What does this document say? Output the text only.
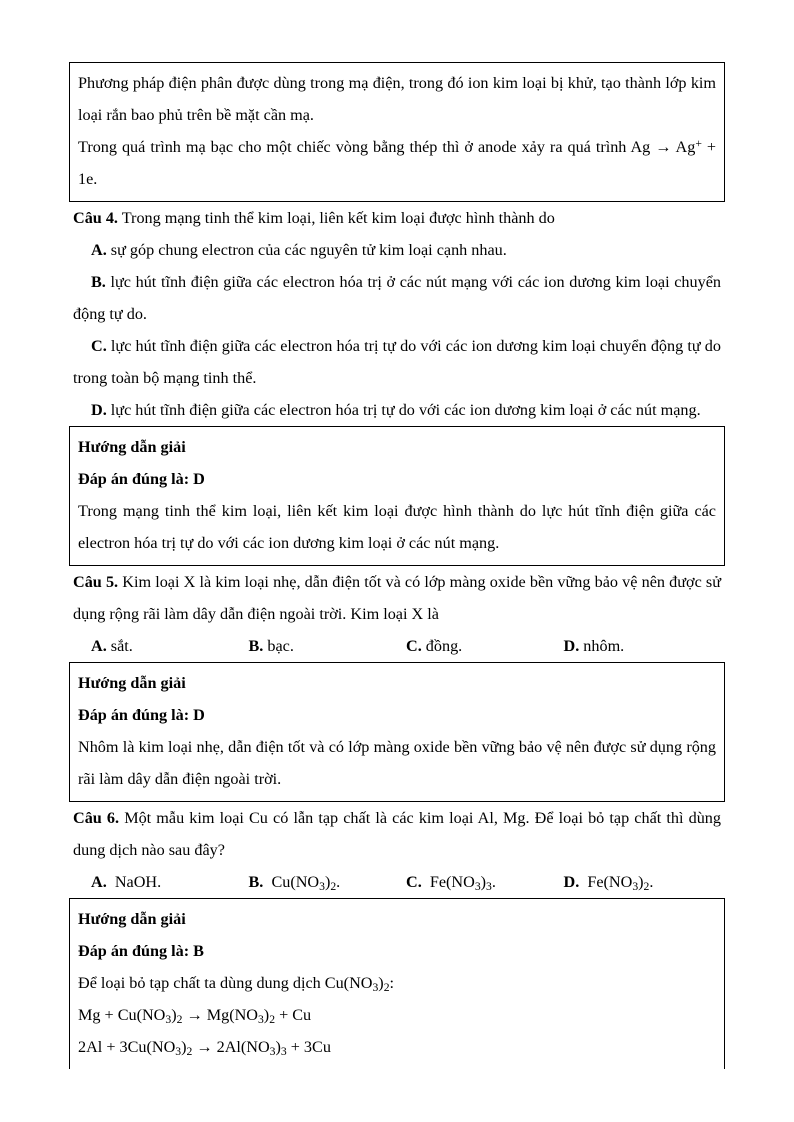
Phương pháp điện phân được dùng trong mạ điện, trong đó ion kim loại bị khử, tạo thành lớp kim loại rắn bao phủ trên bề mặt cần mạ.

Trong quá trình mạ bạc cho một chiếc vòng bằng thép thì ở anode xảy ra quá trình Ag → Ag+ + 1e.

Câu 4. Trong mạng tinh thể kim loại, liên kết kim loại được hình thành do

A. sự góp chung electron của các nguyên tử kim loại cạnh nhau.

B. lực hút tĩnh điện giữa các electron hóa trị ở các nút mạng với các ion dương kim loại chuyển động tự do.

C. lực hút tĩnh điện giữa các electron hóa trị tự do với các ion dương kim loại chuyển động tự do trong toàn bộ mạng tinh thể.

D. lực hút tĩnh điện giữa các electron hóa trị tự do với các ion dương kim loại ở các nút mạng.

Hướng dẫn giải

Đáp án đúng là: D

Trong mạng tinh thể kim loại, liên kết kim loại được hình thành do lực hút tĩnh điện giữa các electron hóa trị tự do với các ion dương kim loại ở các nút mạng.

Câu 5. Kim loại X là kim loại nhẹ, dẫn điện tốt và có lớp màng oxide bền vững bảo vệ nên được sử dụng rộng rãi làm dây dẫn điện ngoài trời. Kim loại X là

A. sắt.	B. bạc.	C. đồng.	D. nhôm.

Hướng dẫn giải

Đáp án đúng là: D

Nhôm là kim loại nhẹ, dẫn điện tốt và có lớp màng oxide bền vững bảo vệ nên được sử dụng rộng rãi làm dây dẫn điện ngoài trời.

Câu 6. Một mẫu kim loại Cu có lẫn tạp chất là các kim loại Al, Mg. Để loại bỏ tạp chất thì dùng dung dịch nào sau đây?

A.  NaOH.	B.  $Cu(NO_3)_2$.	C.  $Fe(NO_3)_3$.	D.  $Fe(NO_3)_2$.

Hướng dẫn giải

Đáp án đúng là: B

Để loại bỏ tạp chất ta dùng dung dịch $Cu(NO_3)_2$:

$Mg + Cu(NO_3)_2 \to Mg(NO_3)_2 + Cu$

$2Al + 3Cu(NO_3)_2 \to 2Al(NO_3)_3 + 3Cu$
